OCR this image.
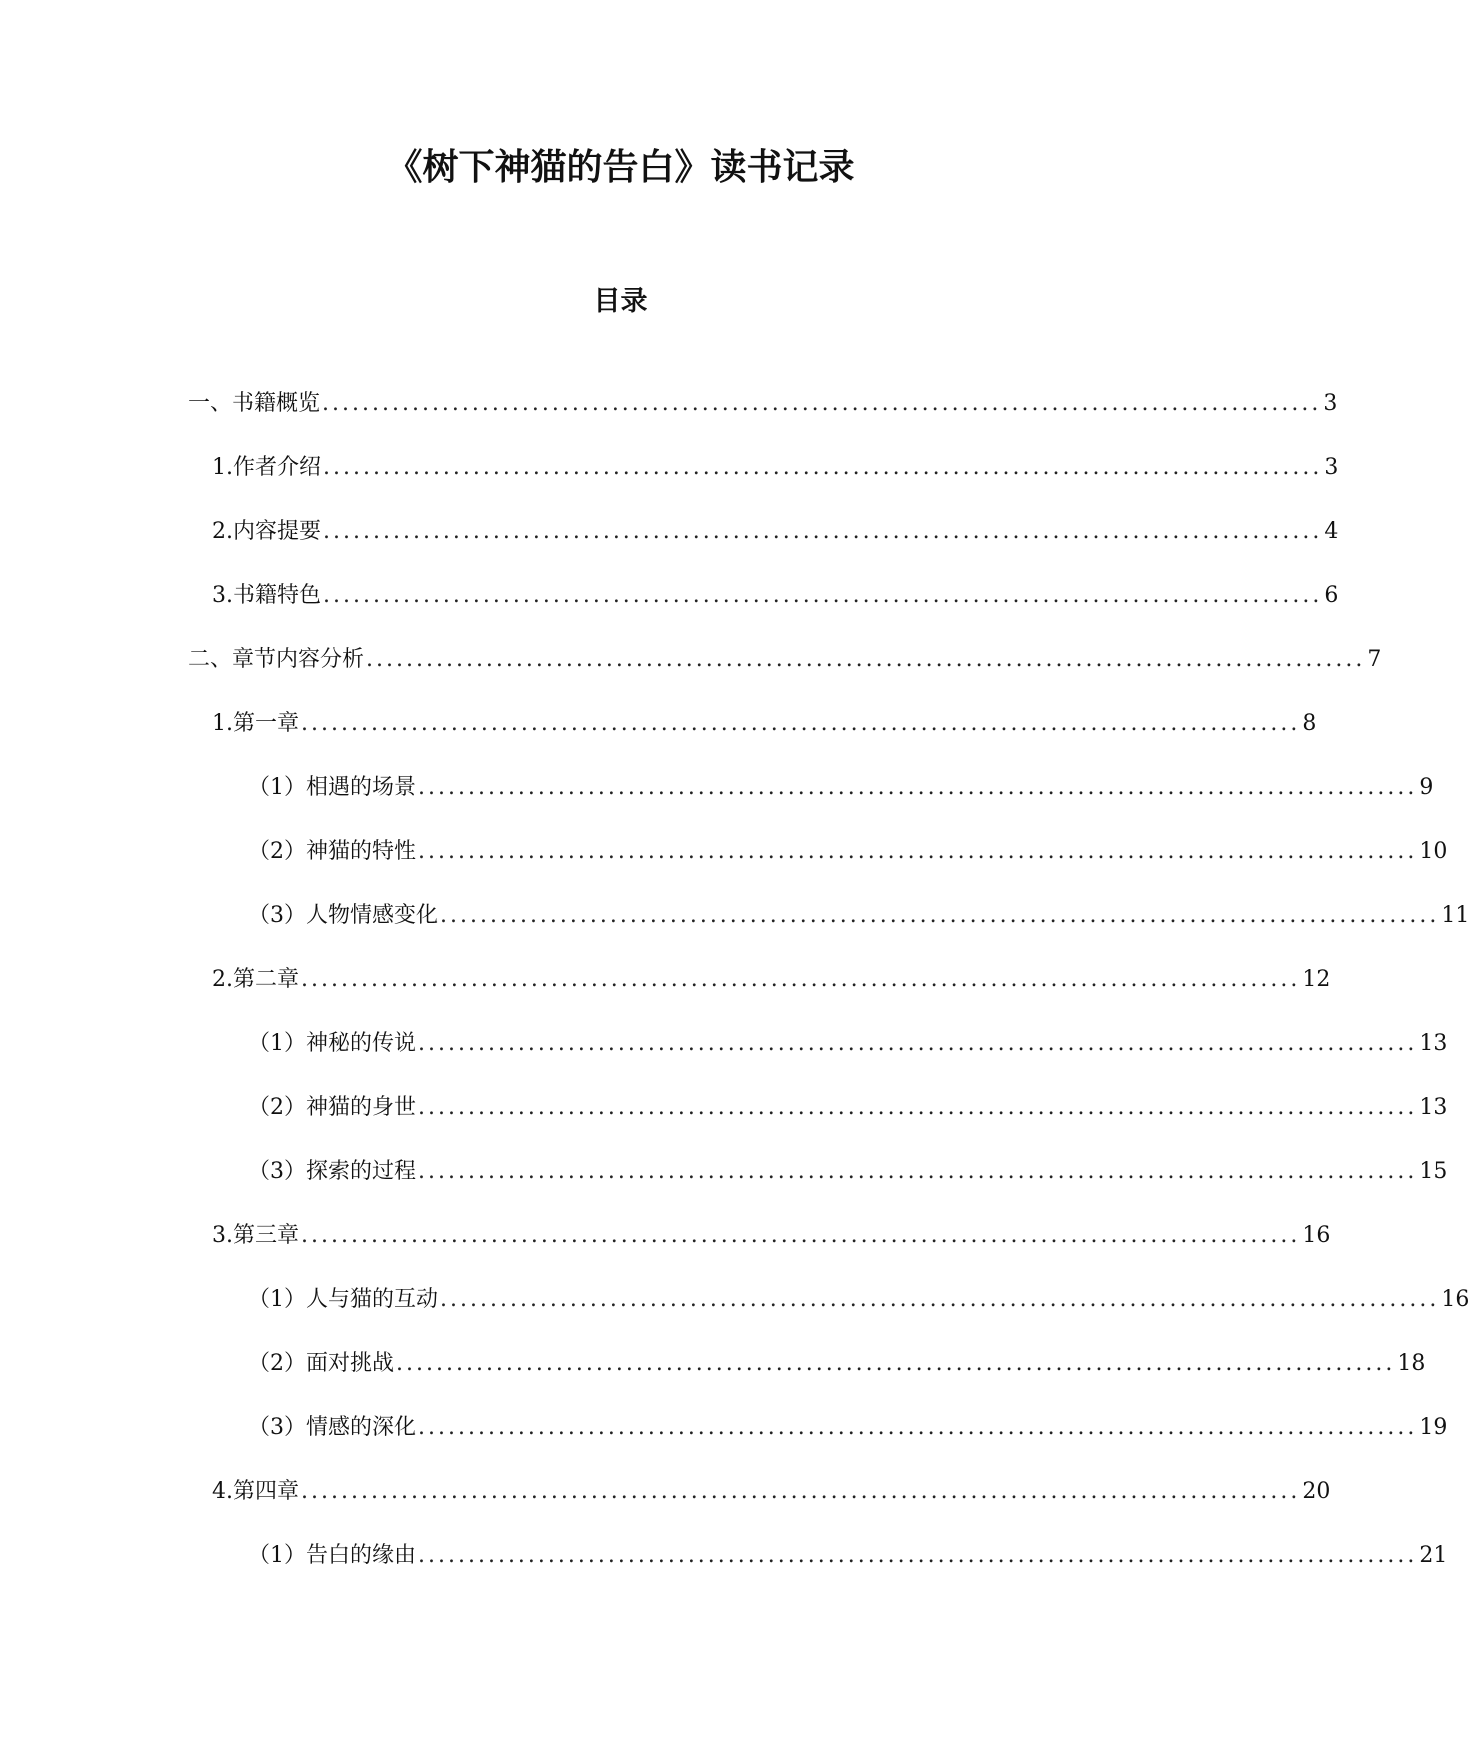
《树下神猫的告白》读书记录
目录
一、书籍概览 .................................................................................................... 3
1. 作者介绍 .................................................................................................... 3
2. 内容提要 .................................................................................................... 4
3. 书籍特色 .................................................................................................... 6
二、章节内容分析 .................................................................................................... 7
1. 第一章 .................................................................................................... 8
（1）相遇的场景 .................................................................................................... 9
（2）神猫的特性 .................................................................................................... 10
（3）人物情感变化 .................................................................................................... 11
2. 第二章 .................................................................................................... 12
（1）神秘的传说 .................................................................................................... 13
（2）神猫的身世 .................................................................................................... 13
（3）探索的过程 .................................................................................................... 15
3. 第三章 .................................................................................................... 16
（1）人与猫的互动 .................................................................................................... 16
（2）面对挑战 .................................................................................................... 18
（3）情感的深化 .................................................................................................... 19
4. 第四章 .................................................................................................... 20
（1）告白的缘由 .................................................................................................... 21
